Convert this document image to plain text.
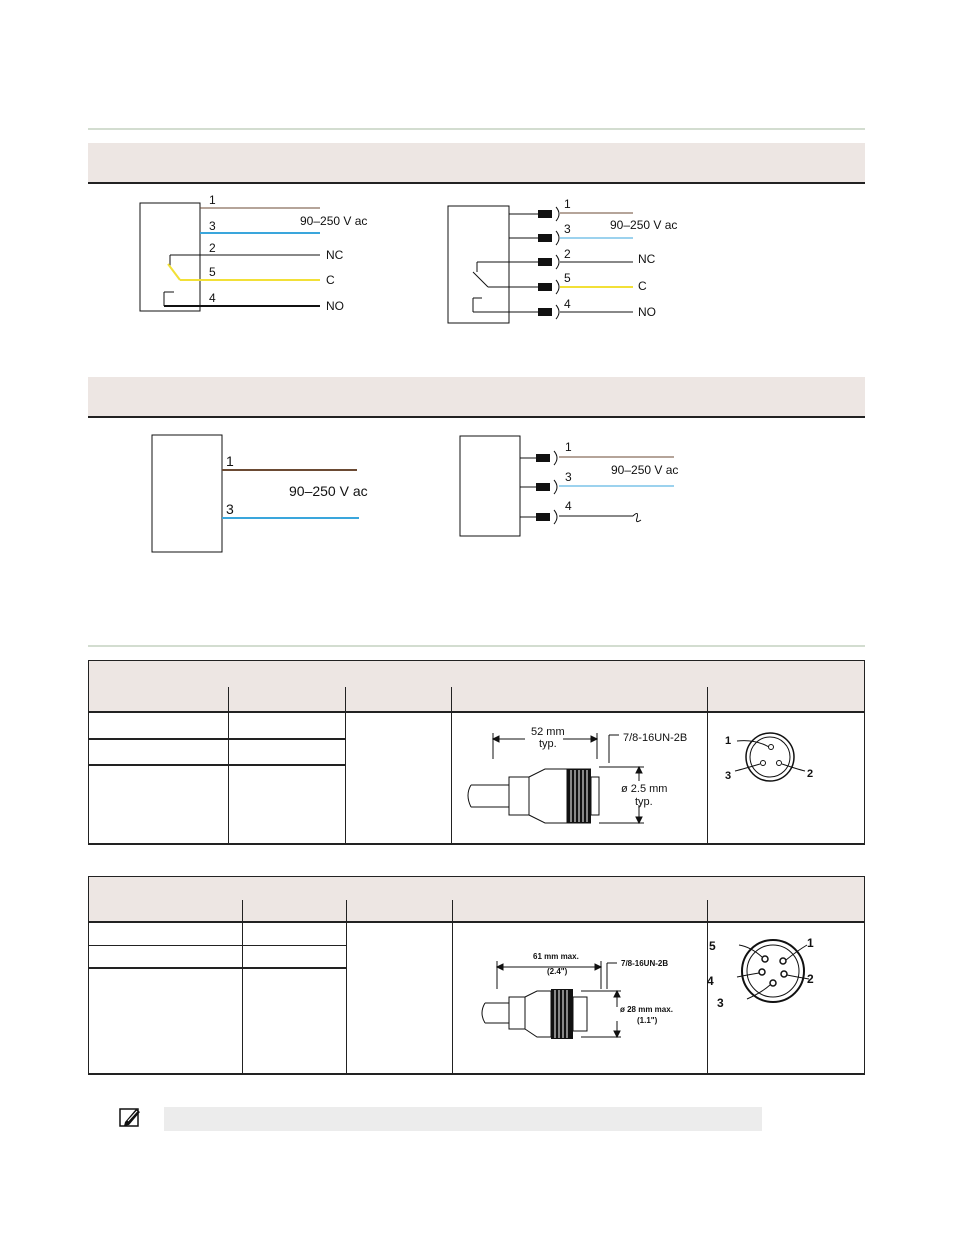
1
3
2
5
4
90–250 V ac
NC
C
NO
1
3
2
5
4
90–250 V ac
NC
C
NO
1
3
90–250 V ac
1
3
4
90–250 V ac
52 mm
typ.	7/8-16UN-2B
ø 2.5 mm
typ.
1
2
3
61 mm max.
(2.4")
7/8-16UN-2B
ø 28 mm max.
(1.1")
1
2
3
4
5
